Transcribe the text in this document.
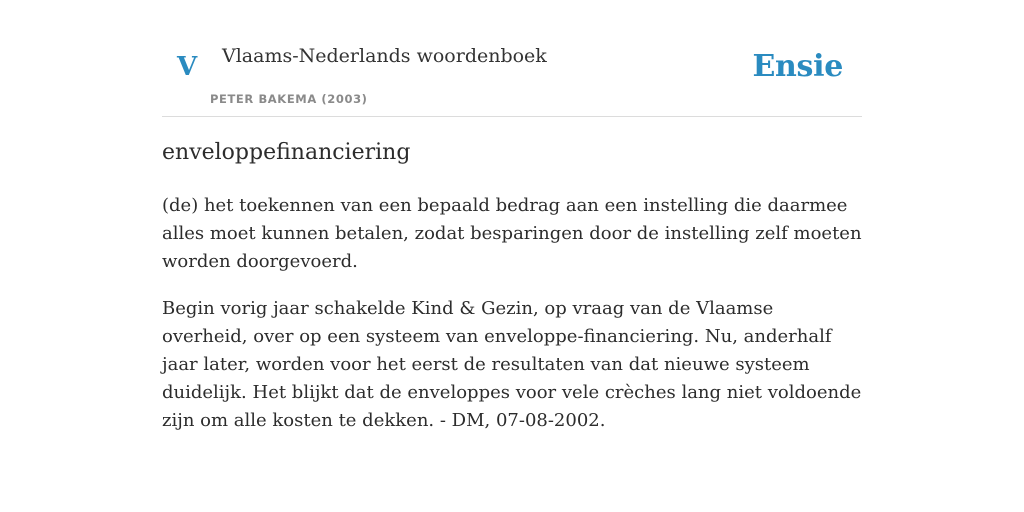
V Vlaams-Nederlands woordenboek
PETER BAKEMA (2003)
Ensie
enveloppefinanciering

(de) het toekennen van een bepaald bedrag aan een instelling die daarmee alles moet kunnen betalen, zodat besparingen door de instelling zelf moeten worden doorgevoerd.

Begin vorig jaar schakelde Kind & Gezin, op vraag van de Vlaamse overheid, over op een systeem van enveloppe-financiering. Nu, anderhalf jaar later, worden voor het eerst de resultaten van dat nieuwe systeem duidelijk. Het blijkt dat de enveloppes voor vele crèches lang niet voldoende zijn om alle kosten te dekken. - DM, 07-08-2002.
